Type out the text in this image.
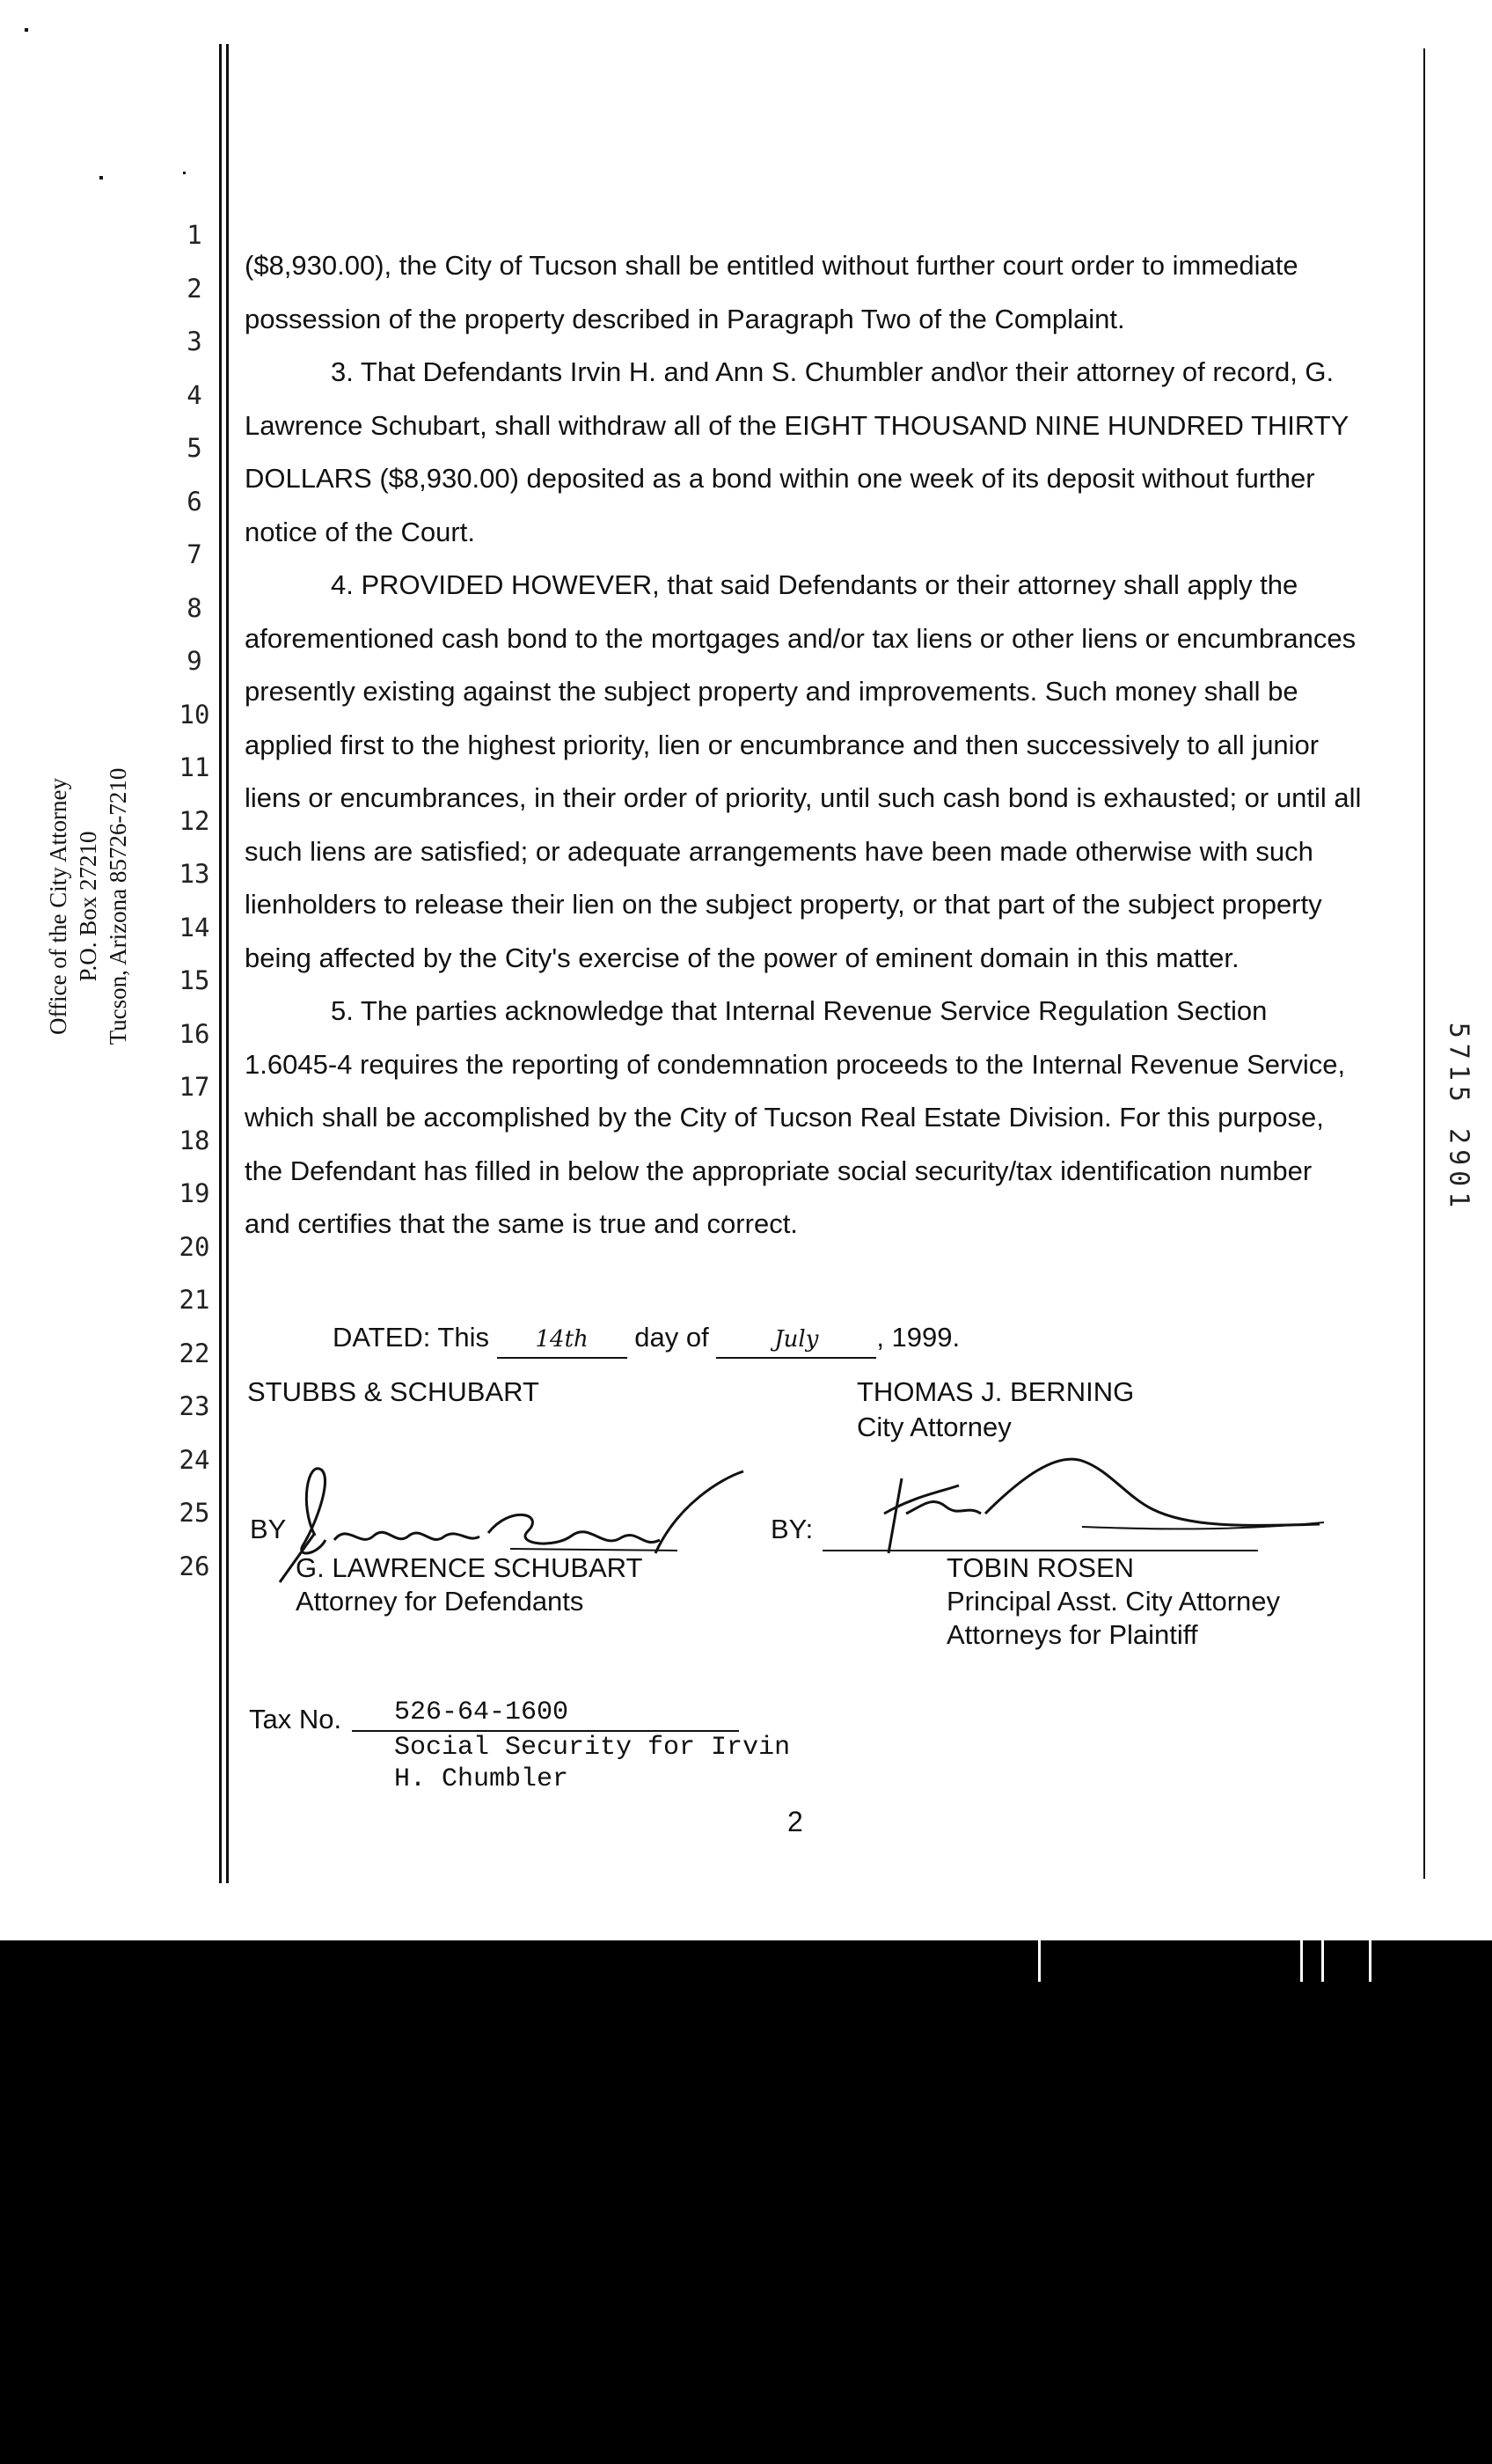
1
2
3
4
5
6
7
8
9
10
11
12
13
14
15
16
17
18
19
20
21
22
23
24
25
26
Office of the City Attorney P.O. Box 27210 Tucson, Arizona 85726-7210
5715 2901

($8,930.00), the City of Tucson shall be entitled without further court order to immediate possession of the property described in Paragraph Two of the Complaint.

3. That Defendants Irvin H. and Ann S. Chumbler and\or their attorney of record, G. Lawrence Schubart, shall withdraw all of the EIGHT THOUSAND NINE HUNDRED THIRTY DOLLARS ($8,930.00) deposited as a bond within one week of its deposit without further notice of the Court.

4. PROVIDED HOWEVER, that said Defendants or their attorney shall apply the aforementioned cash bond to the mortgages and/or tax liens or other liens or encumbrances presently existing against the subject property and improvements. Such money shall be applied first to the highest priority, lien or encumbrance and then successively to all junior liens or encumbrances, in their order of priority, until such cash bond is exhausted; or until all such liens are satisfied; or adequate arrangements have been made otherwise with such lienholders to release their lien on the subject property, or that part of the subject property being affected by the City's exercise of the power of eminent domain in this matter.

5. The parties acknowledge that Internal Revenue Service Regulation Section 1.6045-4 requires the reporting of condemnation proceeds to the Internal Revenue Service, which shall be accomplished by the City of Tucson Real Estate Division. For this purpose, the Defendant has filled in below the appropriate social security/tax identification number and certifies that the same is true and correct.

DATED: This 14th day of	July , 1999.
STUBBS & SCHUBART
BY
G. LAWRENCE SCHUBART
Attorney for Defendants
THOMAS J. BERNING
City Attorney
BY:
TOBIN ROSEN
Principal Asst. City Attorney
Attorneys for Plaintiff
Tax No. 526-64-1600
Social Security for Irvin
H. Chumbler
2
